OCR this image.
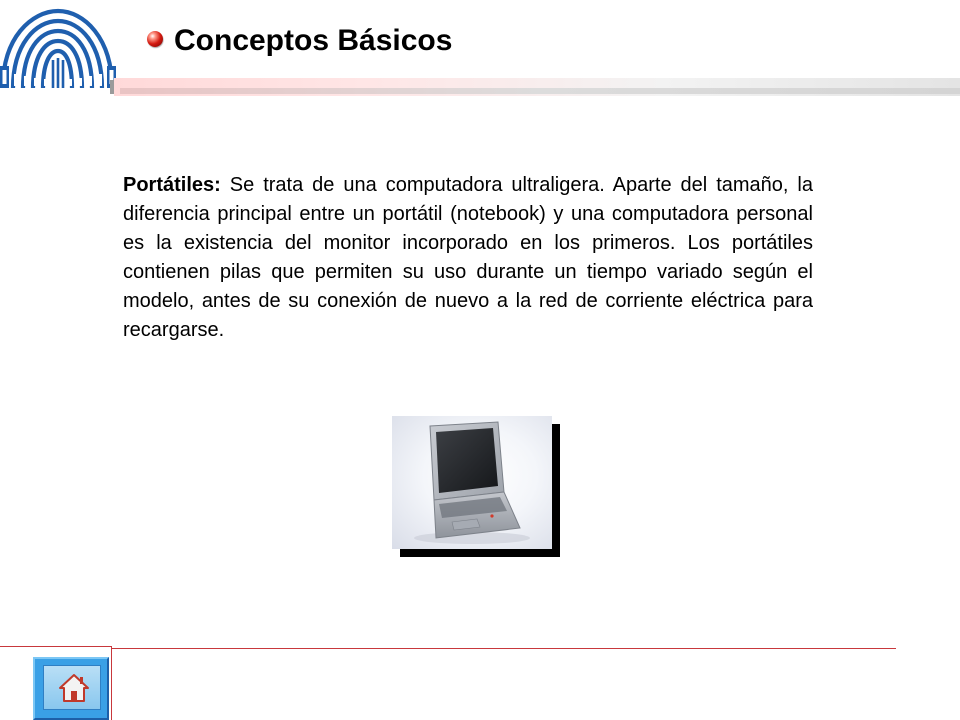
Conceptos Básicos

Portátiles: Se trata de una computadora ultraligera. Aparte del tamaño, la diferencia principal entre un portátil (notebook) y una computadora personal es la existencia del monitor incorporado en los primeros. Los portátiles contienen pilas que permiten su uso durante un tiempo variado según el modelo, antes de su conexión de nuevo a la red de corriente eléctrica para recargarse.
